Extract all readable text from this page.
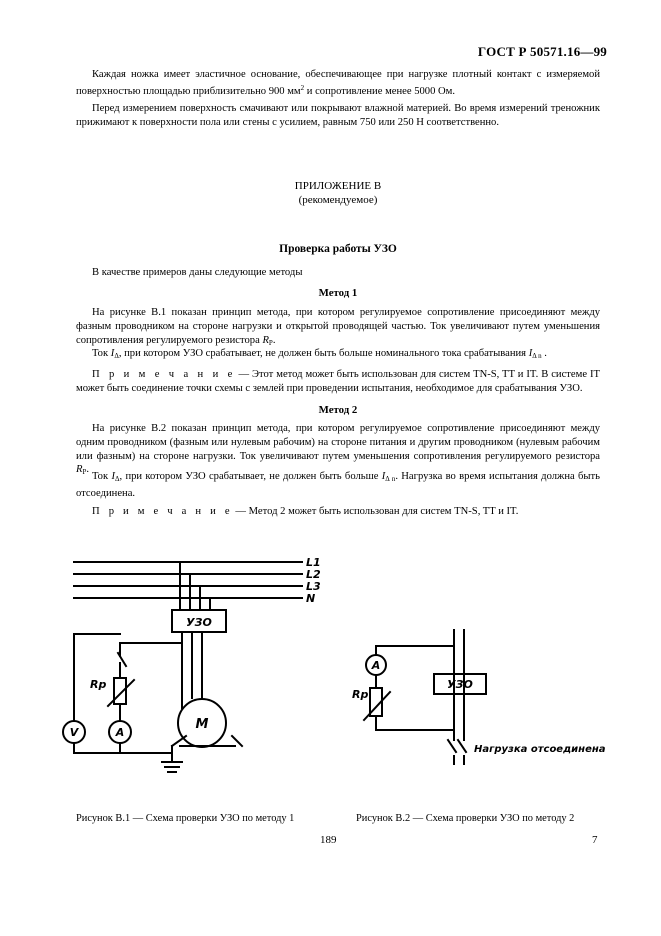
ГОСТ Р 50571.16—99
Каждая ножка имеет эластичное основание, обеспечивающее при нагрузке плотный контакт с измеряемой поверхностью площадью приблизительно 900 $мм^2$ и сопротивление менее 5000 Ом.
Перед измерением поверхность смачивают или покрывают влажной материей. Во время измерений треножник прижимают к поверхности пола или стены с усилием, равным 750 или 250 Н соответственно.
ПРИЛОЖЕНИЕ В
(рекомендуемое)
Проверка работы УЗО
В качестве примеров даны следующие методы
Метод 1
На рисунке В.1 показан принцип метода, при котором регулируемое сопротивление присоединяют между фазным проводником на стороне нагрузки и открытой проводящей частью. Ток увеличивают путем уменьшения сопротивления регулируемого резистора $R_P$.
Ток $I_\Delta$, при котором УЗО срабатывает, не должен быть больше номинального тока срабатывания $I_{\Delta n}$ .
П р и м е ч а н и е — Этот метод может быть использован для систем TN-S, TT и IT. В системе IT может быть соединение точки схемы с землей при проведении испытания, необходимое для срабатывания УЗО.
Метод 2
На рисунке В.2 показан принцип метода, при котором регулируемое сопротивление присоединяют между одним проводником (фазным или нулевым рабочим) на стороне питания и другим проводником (нулевым рабочим или фазным) на стороне нагрузки. Ток увеличивают путем уменьшения сопротивления регулируемого резистора $R_P$.
Ток $I_\Delta$, при котором УЗО срабатывает, не должен быть больше $I_{\Delta n}$. Нагрузка во время испытания должна быть отсоединена.
П р и м е ч а н и е — Метод 2 может быть использован для систем TN-S, TT и IT.
L1
L2
L3
N
УЗО
M
V	A
Rр	УЗО
A
Rр
Нагрузка отсоединена
Рисунок В.1 — Схема проверки УЗО по методу 1	Рисунок В.2 — Схема проверки УЗО по методу 2
189	7
